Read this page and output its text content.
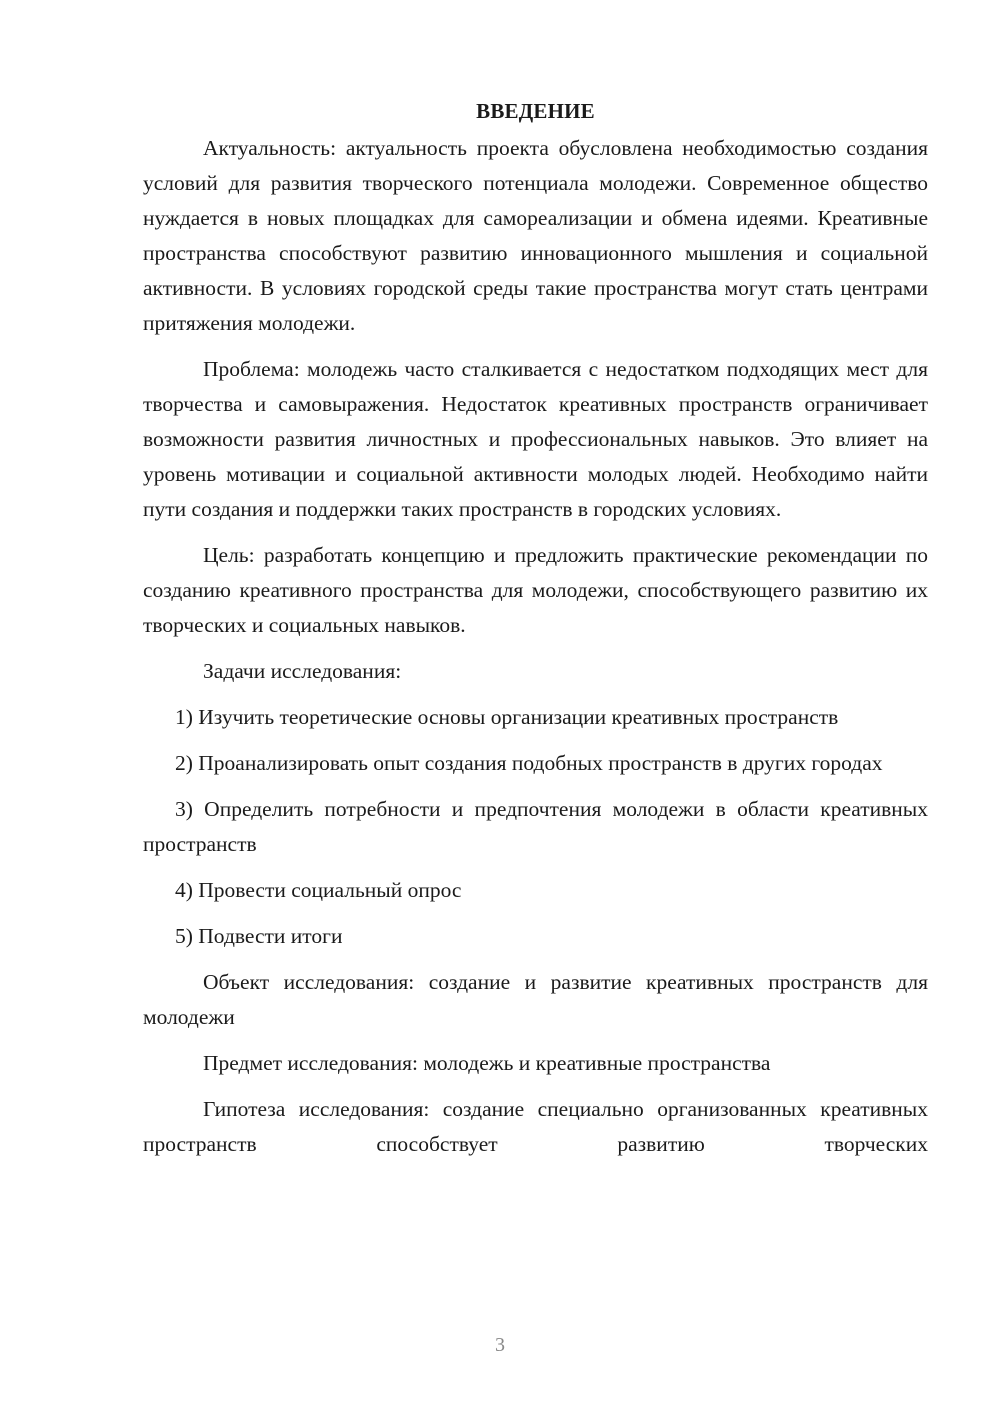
ВВЕДЕНИЕ

Актуальность: актуальность проекта обусловлена необходимостью создания условий для развития творческого потенциала молодежи. Современное общество нуждается в новых площадках для самореализации и обмена идеями. Креативные пространства способствуют развитию инновационного мышления и социальной активности. В условиях городской среды такие пространства могут стать центрами притяжения молодежи.

Проблема: молодежь часто сталкивается с недостатком подходящих мест для творчества и самовыражения. Недостаток креативных пространств ограничивает возможности развития личностных и профессиональных навыков. Это влияет на уровень мотивации и социальной активности молодых людей. Необходимо найти пути создания и поддержки таких пространств в городских условиях.

Цель: разработать концепцию и предложить практические рекомендации по созданию креативного пространства для молодежи, способствующего развитию их творческих и социальных навыков.

Задачи исследования:

1) Изучить теоретические основы организации креативных пространств

2) Проанализировать опыт создания подобных пространств в других городах

3) Определить потребности и предпочтения молодежи в области креативных пространств

4) Провести социальный опрос

5) Подвести итоги

Объект исследования: создание и развитие креативных пространств для молодежи

Предмет исследования: молодежь и креативные пространства

Гипотеза исследования: создание специально организованных креативных пространств способствует развитию творческих

3
